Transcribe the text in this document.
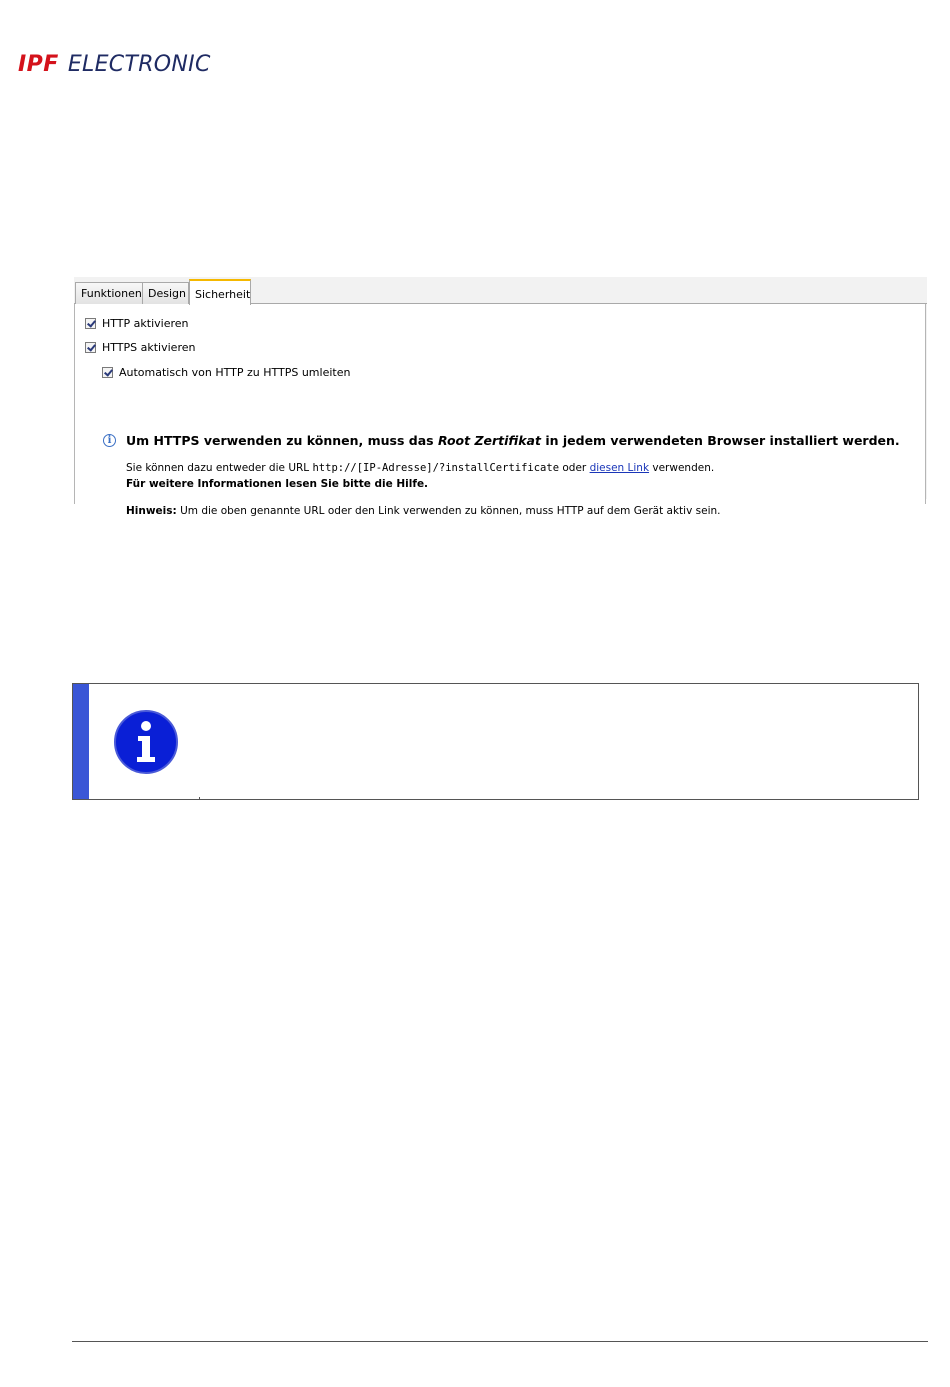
IPF ELECTRONIC
Funktionen Design Sicherheit
HTTP aktivieren
HTTPS aktivieren
Automatisch von HTTP zu HTTPS umleiten
i	Um HTTPS verwenden zu können, muss das Root Zertifikat in jedem verwendeten Browser installiert werden.
Sie können dazu entweder die URL http://[IP-Adresse]/?installCertificate oder diesen Link verwenden.
Für weitere Informationen lesen Sie bitte die Hilfe.
Hinweis: Um die oben genannte URL oder den Link verwenden zu können, muss HTTP auf dem Gerät aktiv sein.
